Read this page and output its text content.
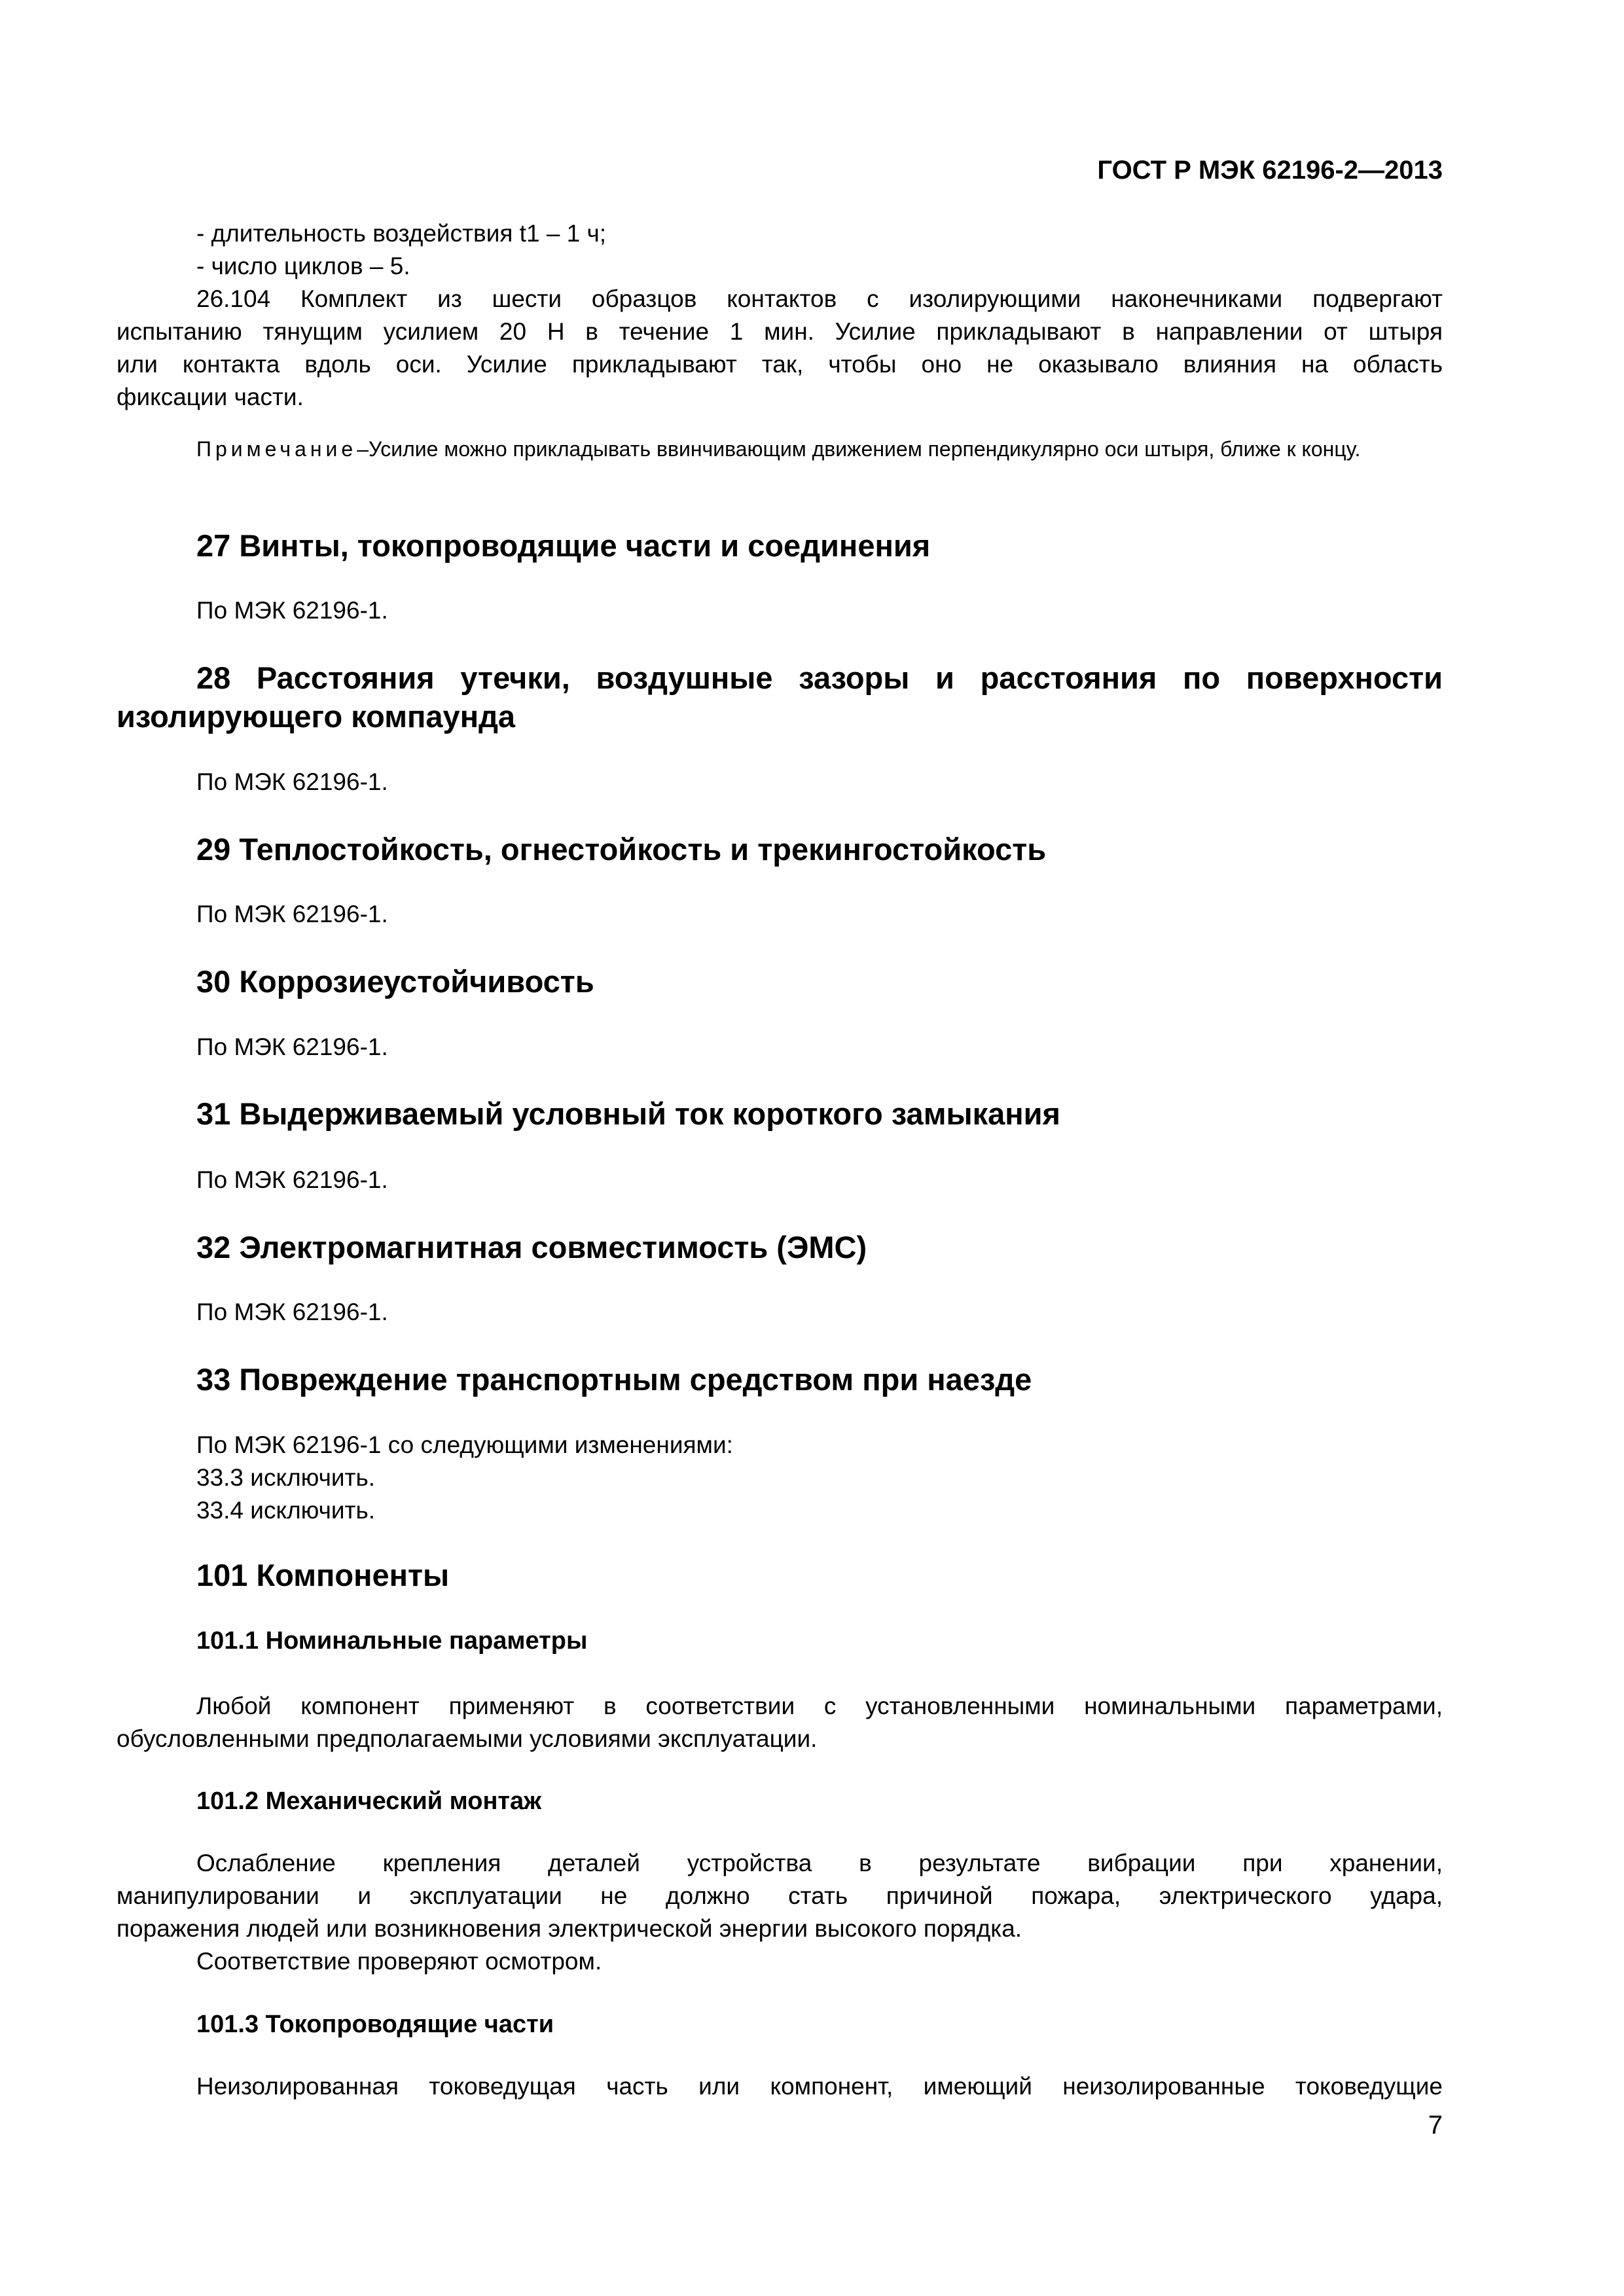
ГОСТ Р МЭК 62196-2—2013

- длительность воздействия t1 – 1 ч;
- число циклов – 5.
26.104 Комплект из шести образцов контактов с изолирующими наконечниками подвергают
испытанию тянущим усилием 20 Н в течение 1 мин. Усилие прикладывают в направлении от штыря
или контакта вдоль оси. Усилие прикладывают так, чтобы оно не оказывало влияния на область
фиксации части.
Примечание–Усилие можно прикладывать ввинчивающим движением перпендикулярно оси штыря, ближе к концу.
27 Винты, токопроводящие части и соединения
По МЭК 62196-1.
28 Расстояния утечки, воздушные зазоры и расстояния по поверхности
изолирующего компаунда
По МЭК 62196-1.
29 Теплостойкость, огнестойкость и трекингостойкость
По МЭК 62196-1.
30 Коррозиеустойчивость
По МЭК 62196-1.
31 Выдерживаемый условный ток короткого замыкания
По МЭК 62196-1.
32 Электромагнитная совместимость (ЭМС)
По МЭК 62196-1.
33 Повреждение транспортным средством при наезде
По МЭК 62196-1 со следующими изменениями:
33.3 исключить.
33.4 исключить.
101 Компоненты
101.1 Номинальные параметры
Любой компонент применяют в соответствии с установленными номинальными параметрами,
обусловленными предполагаемыми условиями эксплуатации.
101.2 Механический монтаж
Ослабление крепления деталей устройства в результате вибрации при хранении,
манипулировании и эксплуатации не должно стать причиной пожара, электрического удара,
поражения людей или возникновения электрической энергии высокого порядка.
Соответствие проверяют осмотром.
101.3 Токопроводящие части
Неизолированная токоведущая часть или компонент, имеющий неизолированные токоведущие

7
